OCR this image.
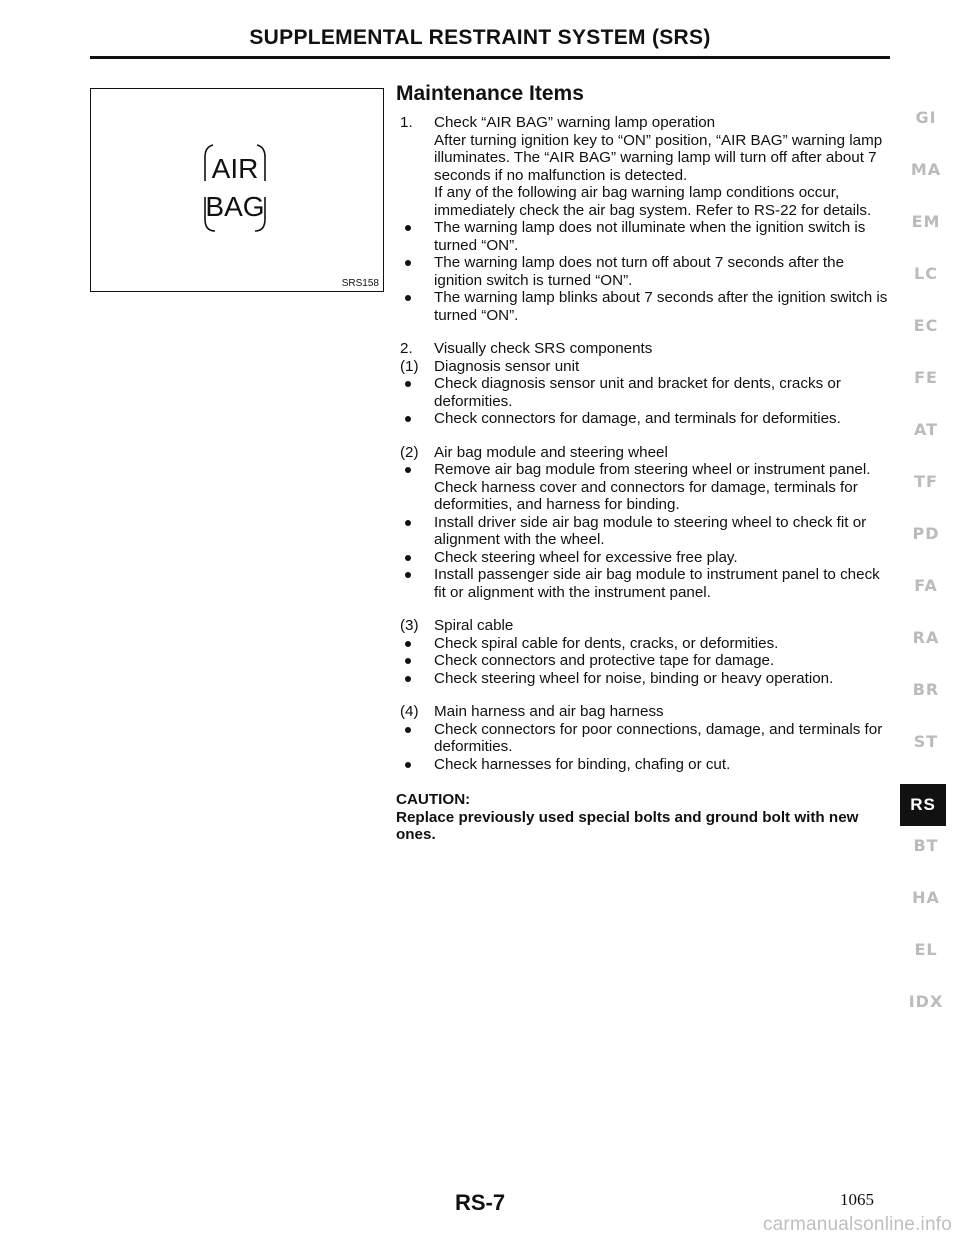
SUPPLEMENTAL RESTRAINT SYSTEM (SRS)
AIR
BAG
SRS158
Maintenance Items
1. Check “AIR BAG” warning lamp operation
After turning ignition key to “ON” position, “AIR BAG” warning lamp illuminates. The “AIR BAG” warning lamp will turn off after about 7 seconds if no malfunction is detected.
If any of the following air bag warning lamp conditions occur, immediately check the air bag system. Refer to RS-22 for details.
The warning lamp does not illuminate when the ignition switch is turned “ON”.
The warning lamp does not turn off about 7 seconds after the ignition switch is turned “ON”.
The warning lamp blinks about 7 seconds after the ignition switch is turned “ON”.
2. Visually check SRS components
(1) Diagnosis sensor unit
Check diagnosis sensor unit and bracket for dents, cracks or deformities.
Check connectors for damage, and terminals for deformities.
(2) Air bag module and steering wheel
Remove air bag module from steering wheel or instrument panel. Check harness cover and connectors for damage, terminals for deformities, and harness for binding.
Install driver side air bag module to steering wheel to check fit or alignment with the wheel.
Check steering wheel for excessive free play.
Install passenger side air bag module to instrument panel to check fit or alignment with the instrument panel.
(3) Spiral cable
Check spiral cable for dents, cracks, or deformities.
Check connectors and protective tape for damage.
Check steering wheel for noise, binding or heavy operation.
(4) Main harness and air bag harness
Check connectors for poor connections, damage, and terminals for deformities.
Check harnesses for binding, chafing or cut.
CAUTION:
Replace previously used special bolts and ground bolt with new ones.
GI
MA
EM
LC
EC
FE
AT
TF
PD
FA
RA
BR
ST
RS
BT
HA
EL
IDX
RS-7	1065
carmanualsonline.info
